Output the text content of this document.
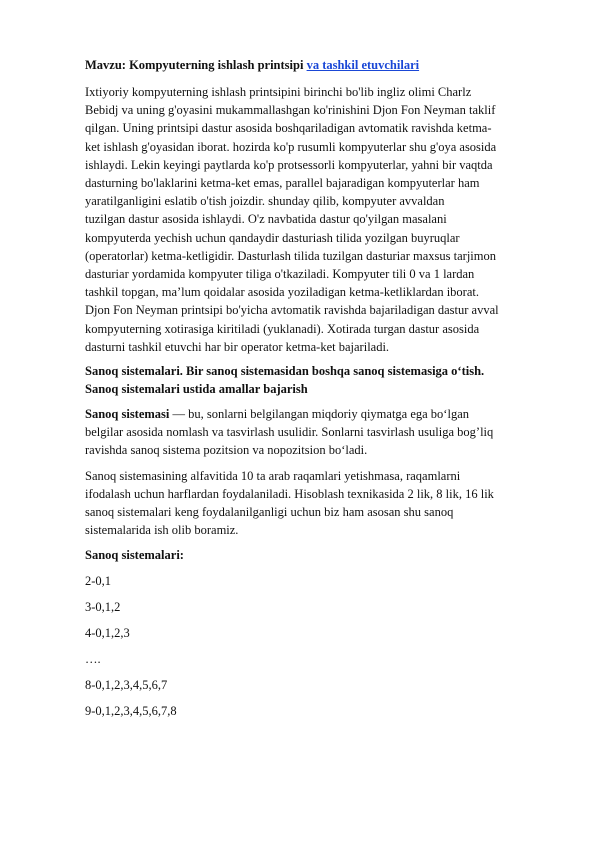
Mavzu: Kompyuterning ishlash printsipi va tashkil etuvchilari
Ixtiyoriy kompyuterning ishlash printsipini birinchi bo'lib ingliz olimi Charlz
Bebidj va uning g'oyasini mukammallashgan ko'rinishini Djon Fon Neyman taklif
qilgan. Uning printsipi dastur asosida boshqariladigan avtomatik ravishda ketma-
ket ishlash g'oyasidan iborat. hozirda ko'p rusumli kompyuterlar shu g'oya asosida
ishlaydi. Lekin keyingi paytlarda ko'p protsessorli kompyuterlar, yahni bir vaqtda
dasturning bo'laklarini ketma-ket emas, parallel bajaradigan kompyuterlar ham
yaratilganligini eslatib o'tish joizdir. shunday qilib, kompyuter avvaldan
tuzilgan dastur asosida ishlaydi. O'z navbatida dastur qo'yilgan masalani
kompyuterda yechish uchun qandaydir dasturiash tilida yozilgan buyruqlar
(operatorlar) ketma-ketligidir. Dasturlash tilida tuzilgan dasturiar maxsus tarjimon
dasturiar yordamida kompyuter tiliga o'tkaziladi. Kompyuter tili 0 va 1 lardan
tashkil topgan, ma’lum qoidalar asosida yoziladigan ketma-ketliklardan iborat.
Djon Fon Neyman printsipi bo'yicha avtomatik ravishda bajariladigan dastur avval
kompyuterning xotirasiga kiritiladi (yuklanadi). Xotirada turgan dastur asosida
dasturni tashkil etuvchi har bir operator ketma-ket bajariladi.
Sanoq sistemalari. Bir sanoq sistemasidan boshqa sanoq sistemasiga o‘tish.
Sanoq sistemalari ustida amallar bajarish
Sanoq sistemasi — bu, sonlarni belgilangan miqdoriy qiymatga ega bo‘lgan
belgilar asosida nomlash va tasvirlash usulidir. Sonlarni tasvirlash usuliga bog’liq
ravishda sanoq sistema pozitsion va nopozitsion bo‘ladi.
Sanoq sistemasining alfavitida 10 ta arab raqamlari yetishmasa, raqamlarni
ifodalash uchun harflardan foydalaniladi. Hisoblash texnikasida 2 lik, 8 lik, 16 lik
sanoq sistemalari keng foydalanilganligi uchun biz ham asosan shu sanoq
sistemalarida ish olib boramiz.
Sanoq sistemalari:
2-0,1
3-0,1,2
4-0,1,2,3
….
8-0,1,2,3,4,5,6,7
9-0,1,2,3,4,5,6,7,8
